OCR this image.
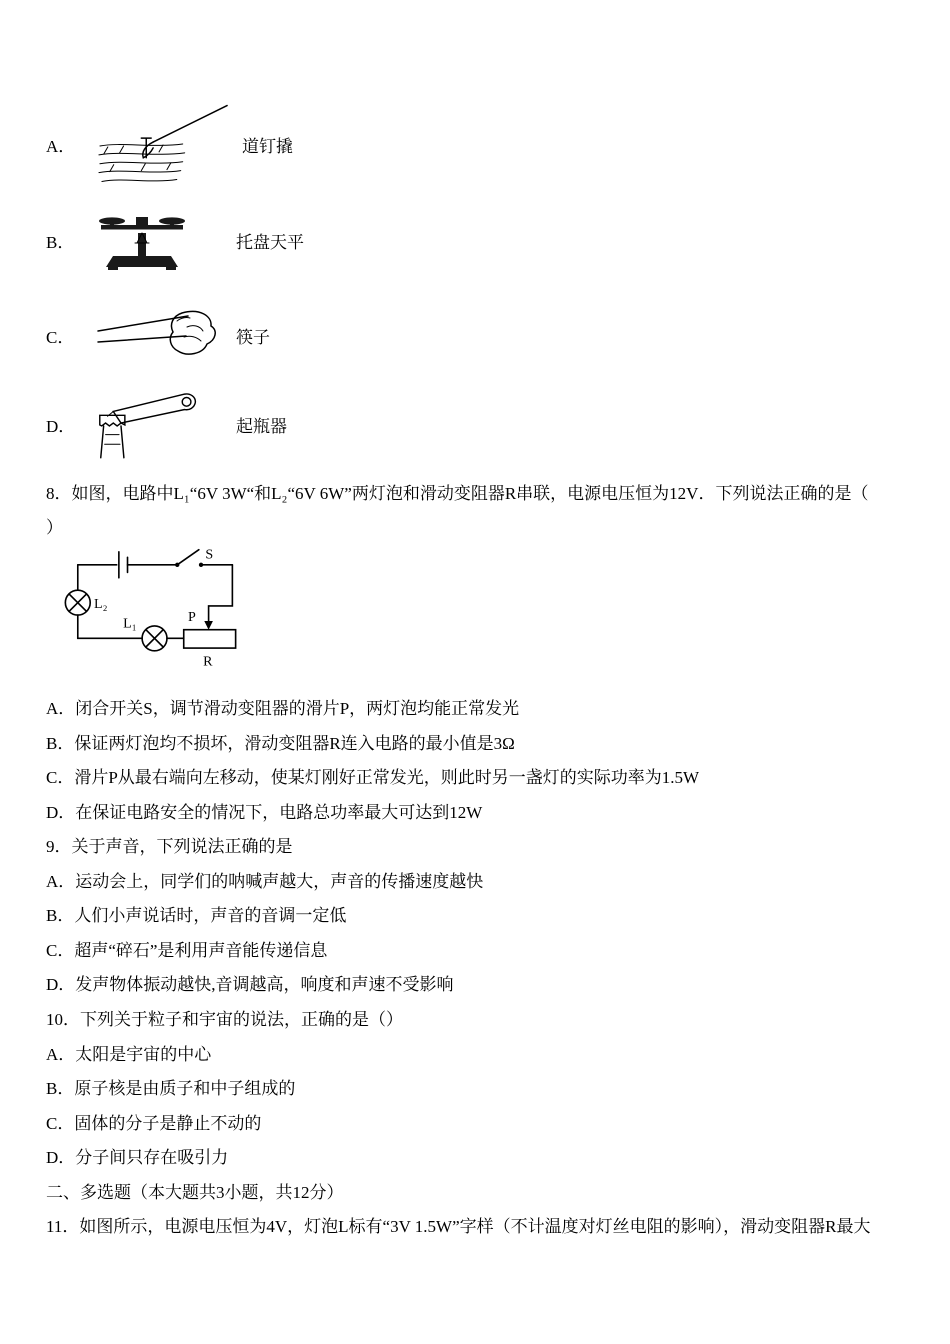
A．	道钉撬
B．	托盘天平
C．	筷子
D．	起瓶器

8．如图，电路中L₁“6V 3W“和L₂“6V 6W”两灯泡和滑动变阻器R串联，电源电压恒为12V．下列说法正确的是（

）

S
P
R
L₁
L₂

A．闭合开关S，调节滑动变阻器的滑片P，两灯泡均能正常发光

B．保证两灯泡均不损坏，滑动变阻器R连入电路的最小值是3Ω

C．滑片P从最右端向左移动，使某灯刚好正常发光，则此时另一盏灯的实际功率为1.5W

D．在保证电路安全的情况下，电路总功率最大可达到12W

9．关于声音，下列说法正确的是

A．运动会上，同学们的呐喊声越大，声音的传播速度越快

B．人们小声说话时，声音的音调一定低

C．超声“碎石”是利用声音能传递信息

D．发声物体振动越快,音调越高，响度和声速不受影响

10．下列关于粒子和宇宙的说法，正确的是（）

A．太阳是宇宙的中心

B．原子核是由质子和中子组成的

C．固体的分子是静止不动的

D．分子间只存在吸引力

二、多选题（本大题共3小题，共12分）

11．如图所示，电源电压恒为4V，灯泡L标有“3V 1.5W”字样（不计温度对灯丝电阻的影响），滑动变阻器R最大
